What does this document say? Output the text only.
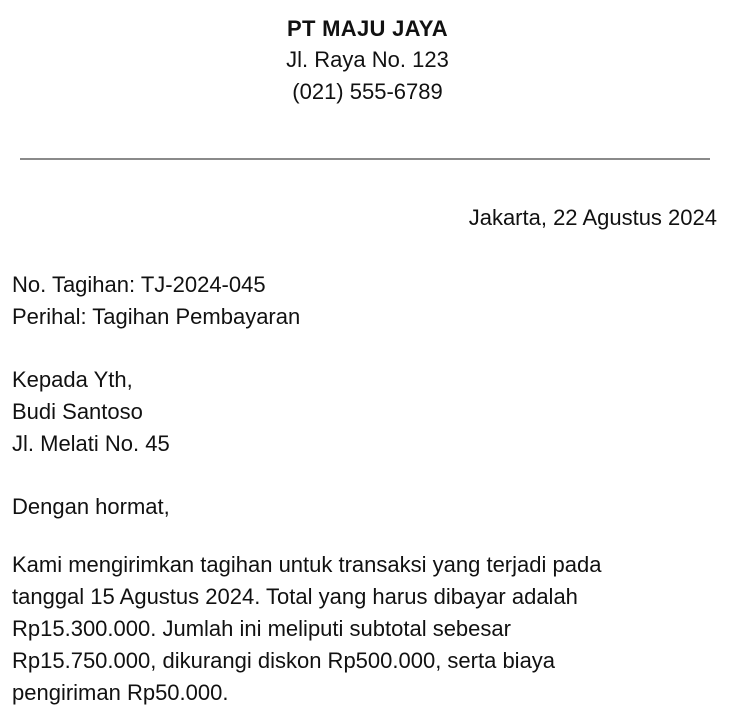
PT MAJU JAYA
Jl. Raya No. 123
(021) 555-6789
Jakarta, 22 Agustus 2024
No. Tagihan: TJ-2024-045
Perihal: Tagihan Pembayaran
Kepada Yth,
Budi Santoso
Jl. Melati No. 45
Dengan hormat,
Kami mengirimkan tagihan untuk transaksi yang terjadi pada
tanggal 15 Agustus 2024. Total yang harus dibayar adalah
Rp15.300.000. Jumlah ini meliputi subtotal sebesar
Rp15.750.000, dikurangi diskon Rp500.000, serta biaya
pengiriman Rp50.000.
